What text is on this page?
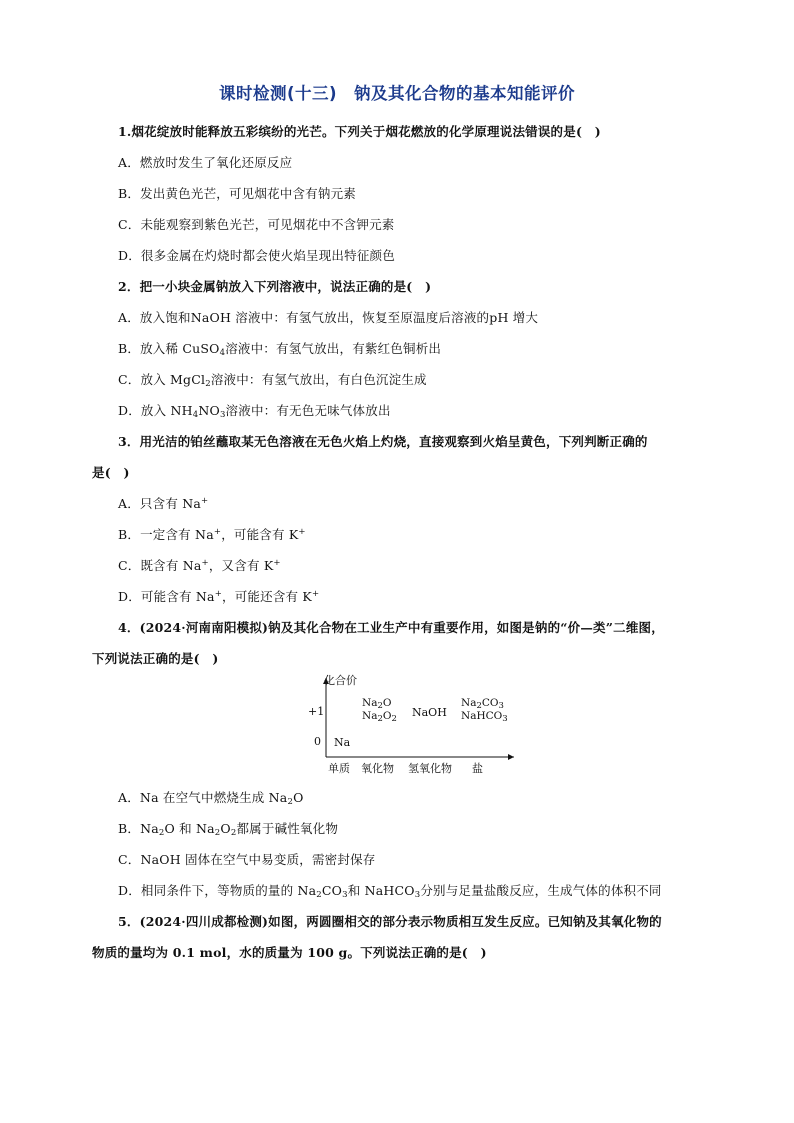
课时检测(十三)　钠及其化合物的基本知能评价
1.烟花绽放时能释放五彩缤纷的光芒。下列关于烟花燃放的化学原理说法错误的是(　)
A．燃放时发生了氧化还原反应
B．发出黄色光芒，可见烟花中含有钠元素
C．未能观察到紫色光芒，可见烟花中不含钾元素
D．很多金属在灼烧时都会使火焰呈现出特征颜色
2．把一小块金属钠放入下列溶液中，说法正确的是(　)
A．放入饱和NaOH 溶液中：有氢气放出，恢复至原温度后溶液的pH 增大
B．放入稀 CuSO$_4$溶液中：有氢气放出，有紫红色铜析出
C．放入 MgCl$_2$溶液中：有氢气放出，有白色沉淀生成
D．放入 $NH_4NO_3$溶液中：有无色无味气体放出
3．用光洁的铂丝蘸取某无色溶液在无色火焰上灼烧，直接观察到火焰呈黄色，下列判断正确的
是(　)
A．只含有 Na+
B．一定含有 Na+，可能含有 K+
C．既含有 Na+，又含有 K+
D．可能含有 Na+，可能还含有 K+
4．(2024·河南南阳模拟)钠及其化合物在工业生产中有重要作用，如图是钠的“价—类”二维图，
下列说法正确的是(　)
化合价
+1
0 Na
$Na_2O$
$Na_2O_2$ NaOH
$Na_2CO_3$
NaHCO$_3$
单质 氧化物 氢氧化物 盐
A．Na 在空气中燃烧生成 $Na_2O$
B．$Na_2O$ 和 $Na_2O_2$都属于碱性氧化物
C．NaOH 固体在空气中易变质，需密封保存
D．相同条件下，等物质的量的 $Na_2CO_3$和 NaHCO$_3$分别与足量盐酸反应，生成气体的体积不同
5．(2024·四川成都检测)如图，两圆圈相交的部分表示物质相互发生反应。已知钠及其氧化物的
物质的量均为 0.1 mol，水的质量为 100 g。下列说法正确的是(　)
